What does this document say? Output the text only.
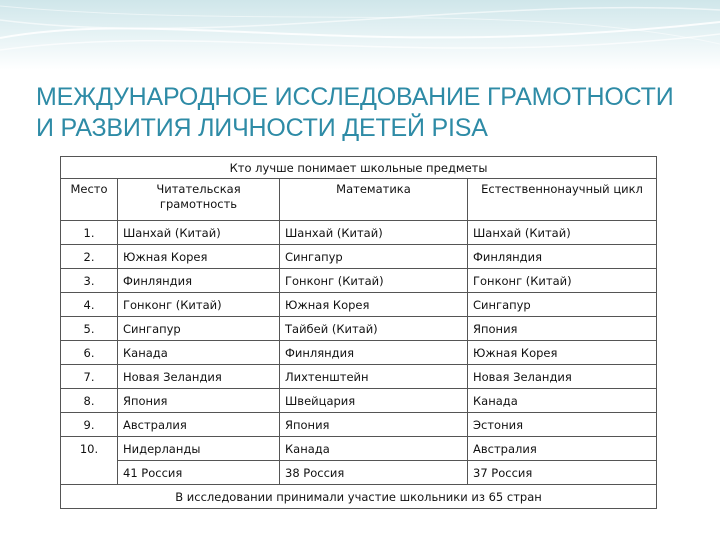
МЕЖДУНАРОДНОЕ ИССЛЕДОВАНИЕ ГРАМОТНОСТИ
И РАЗВИТИЯ ЛИЧНОСТИ ДЕТЕЙ PISA
Кто лучше понимает школьные предметы			
Место	Читательская грамотность	Математика	Естественнонаучный цикл
1.	Шанхай (Китай)	Шанхай (Китай)	Шанхай (Китай)
2.	Южная Корея	Сингапур	Финляндия
3.	Финляндия	Гонконг (Китай)	Гонконг (Китай)
4.	Гонконг (Китай)	Южная Корея	Сингапур
5.	Сингапур	Тайбей (Китай)	Япония
6.	Канада	Финляндия	Южная Корея
7.	Новая Зеландия	Лихтенштейн	Новая Зеландия
8.	Япония	Швейцария	Канада
9.	Австралия	Япония	Эстония
10.	Нидерланды	Канада	Австралия
	41 Россия	38 Россия	37 Россия
В исследовании принимали участие школьники из 65 стран			
